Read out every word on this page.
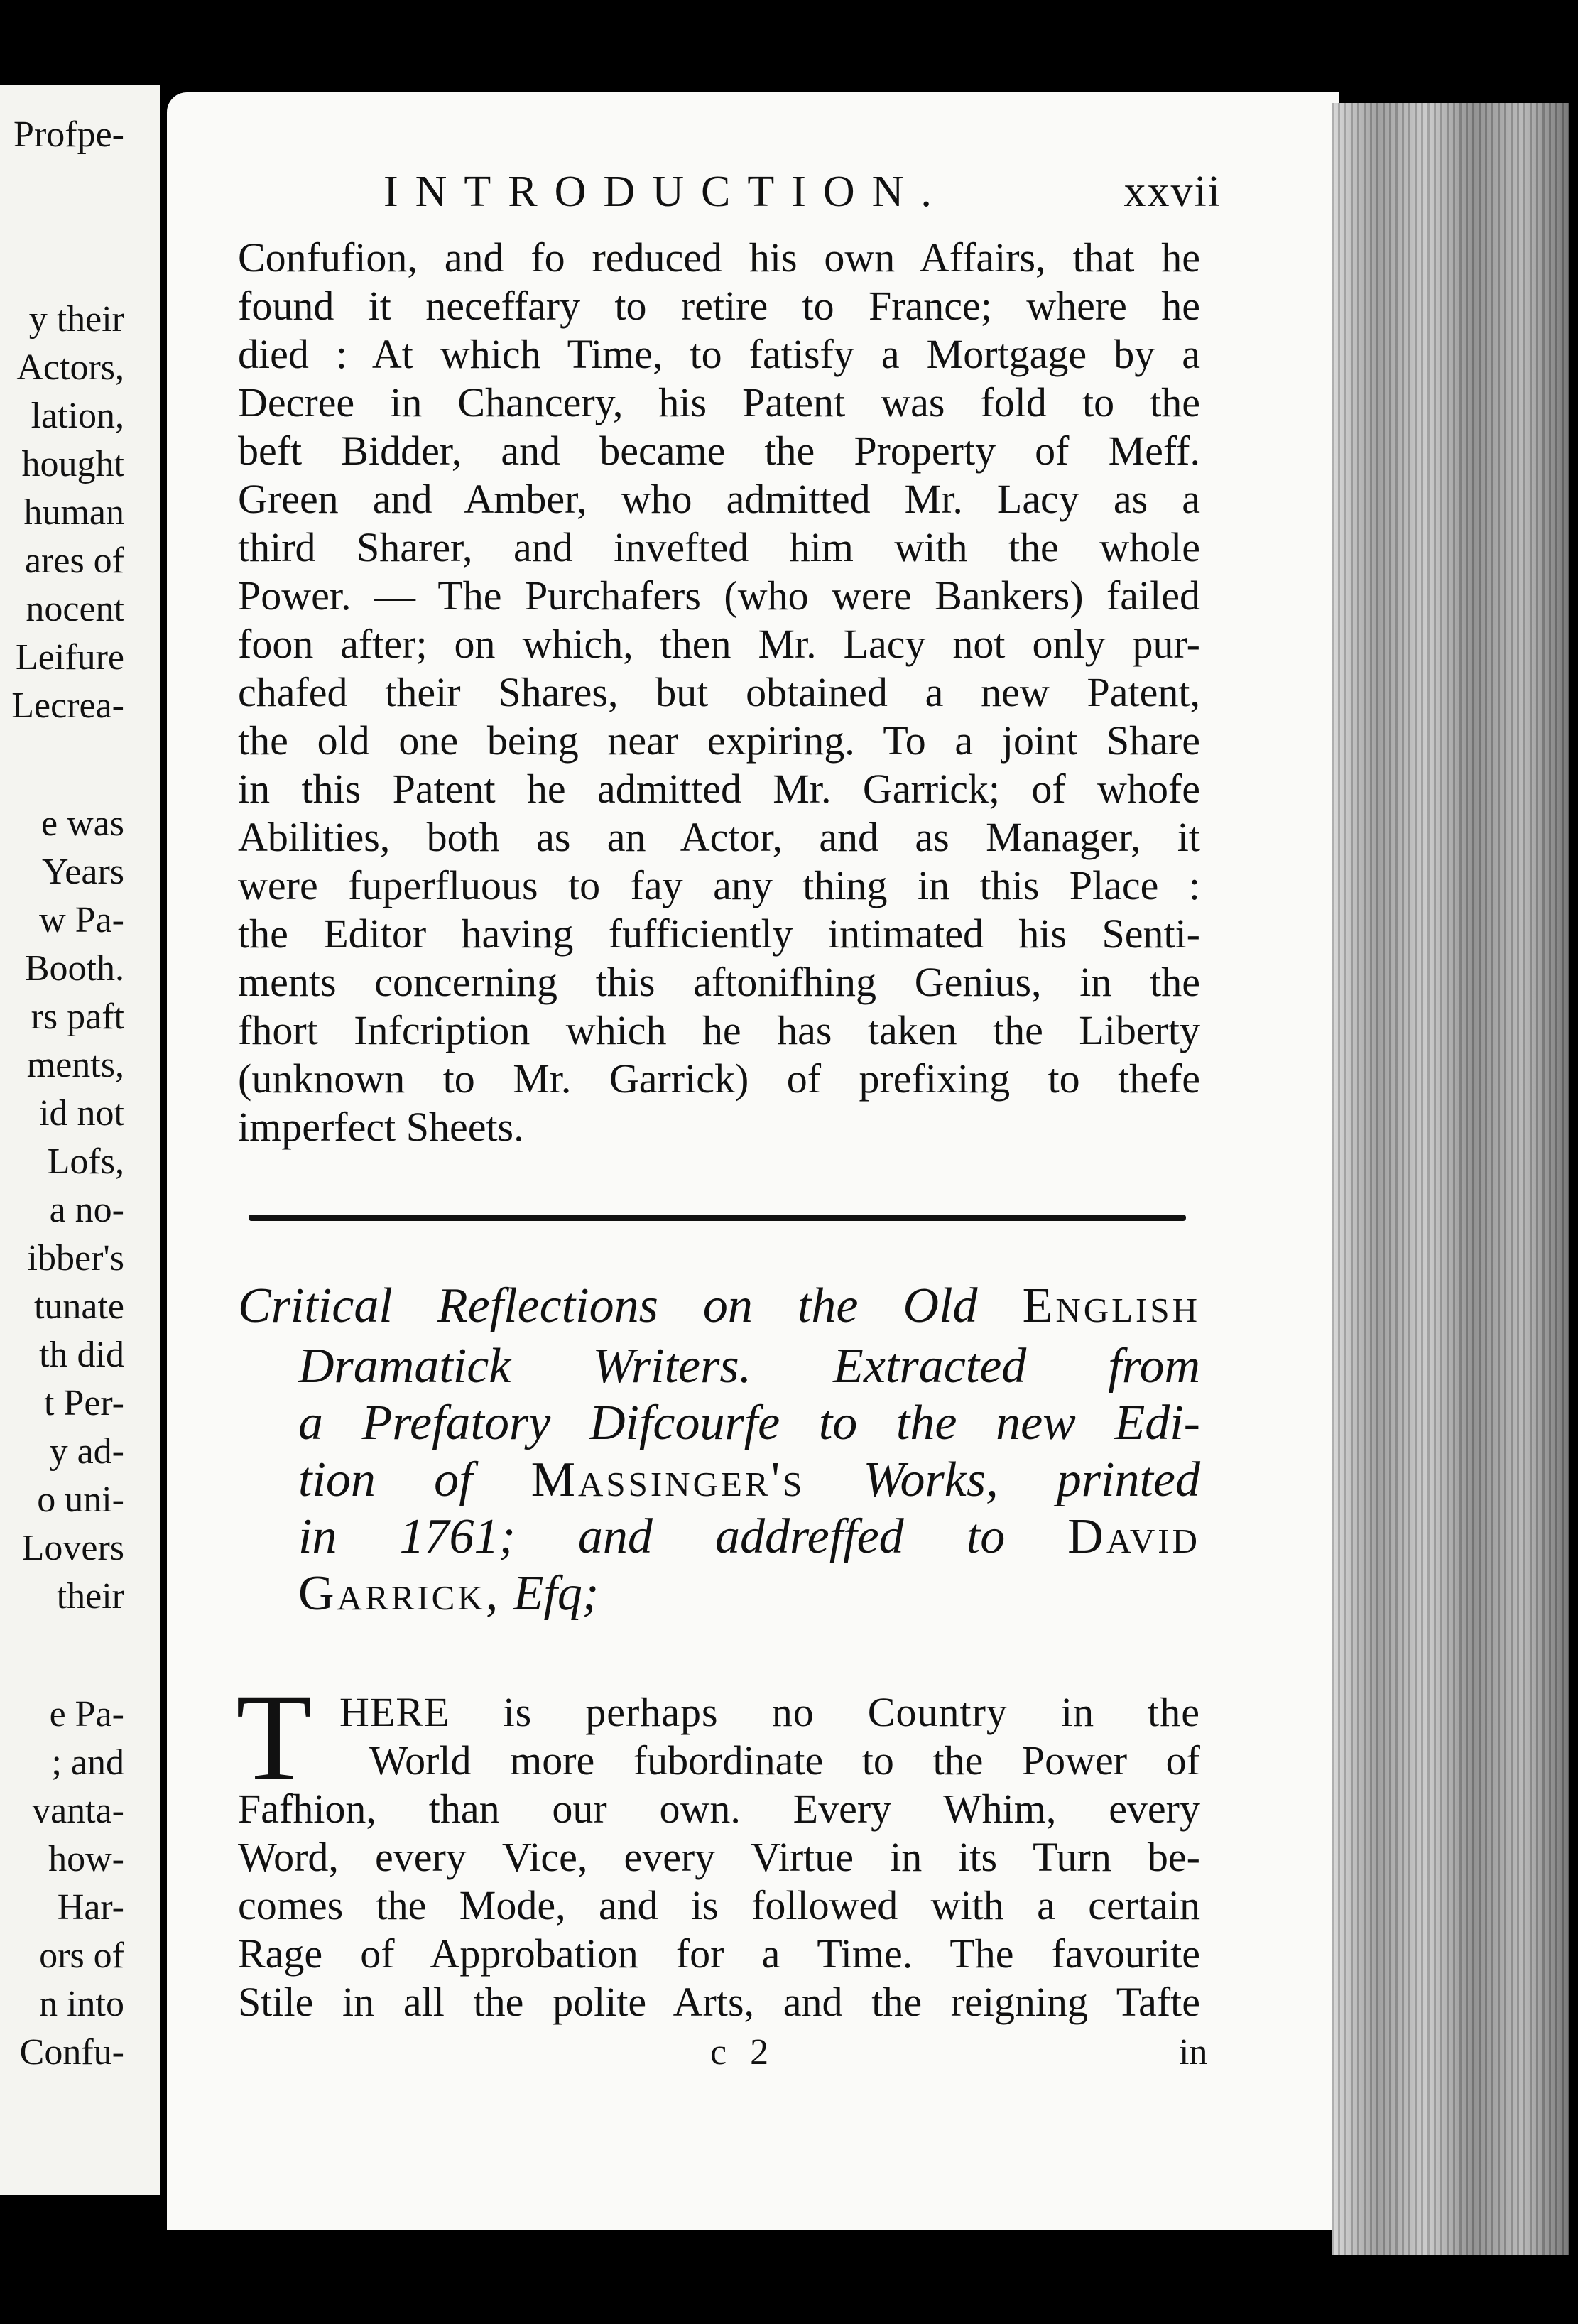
Profpe-
y their
Actors,
lation,
hought
human
ares of
nocent
Leifure
Lecrea-
e was
Years
w Pa-
Booth.
rs paft
ments,
id not
Lofs,
a no-
ibber's
tunate
th did
t Per-
y ad-
o uni-
Lovers
their
e Pa-
; and
vanta-
how-
Har-
ors of
n into
Confu-
INTRODUCTION.	xxvii
Confufion, and fo reduced his own Affairs, that he
found it neceffary to retire to France; where he
died : At which Time, to fatisfy a Mortgage by a
Decree in Chancery, his Patent was fold to the
beft Bidder, and became the Property of Meff.
Green and Amber, who admitted Mr. Lacy as a
third Sharer, and invefted him with the whole
Power. — The Purchafers (who were Bankers) failed
foon after; on which, then Mr. Lacy not only pur-
chafed their Shares, but obtained a new Patent,
the old one being near expiring. To a joint Share
in this Patent he admitted Mr. Garrick; of whofe
Abilities, both as an Actor, and as Manager, it
were fuperfluous to fay any thing in this Place :
the Editor having fufficiently intimated his Senti-
ments concerning this aftonifhing Genius, in the
fhort Infcription which he has taken the Liberty
(unknown to Mr. Garrick) of prefixing to thefe
imperfect Sheets.
Critical Reflections on the Old English
Dramatick Writers. Extracted from
a Prefatory Difcourfe to the new Edi-
tion of Massinger's Works, printed
in 1761; and addreffed to David
Garrick, Efq;
T HERE is perhaps no Country in the
World more fubordinate to the Power of
Fafhion, than our own. Every Whim, every
Word, every Vice, every Virtue in its Turn be-
comes the Mode, and is followed with a certain
Rage of Approbation for a Time. The favourite
Stile in all the polite Arts, and the reigning Tafte
c 2	in
